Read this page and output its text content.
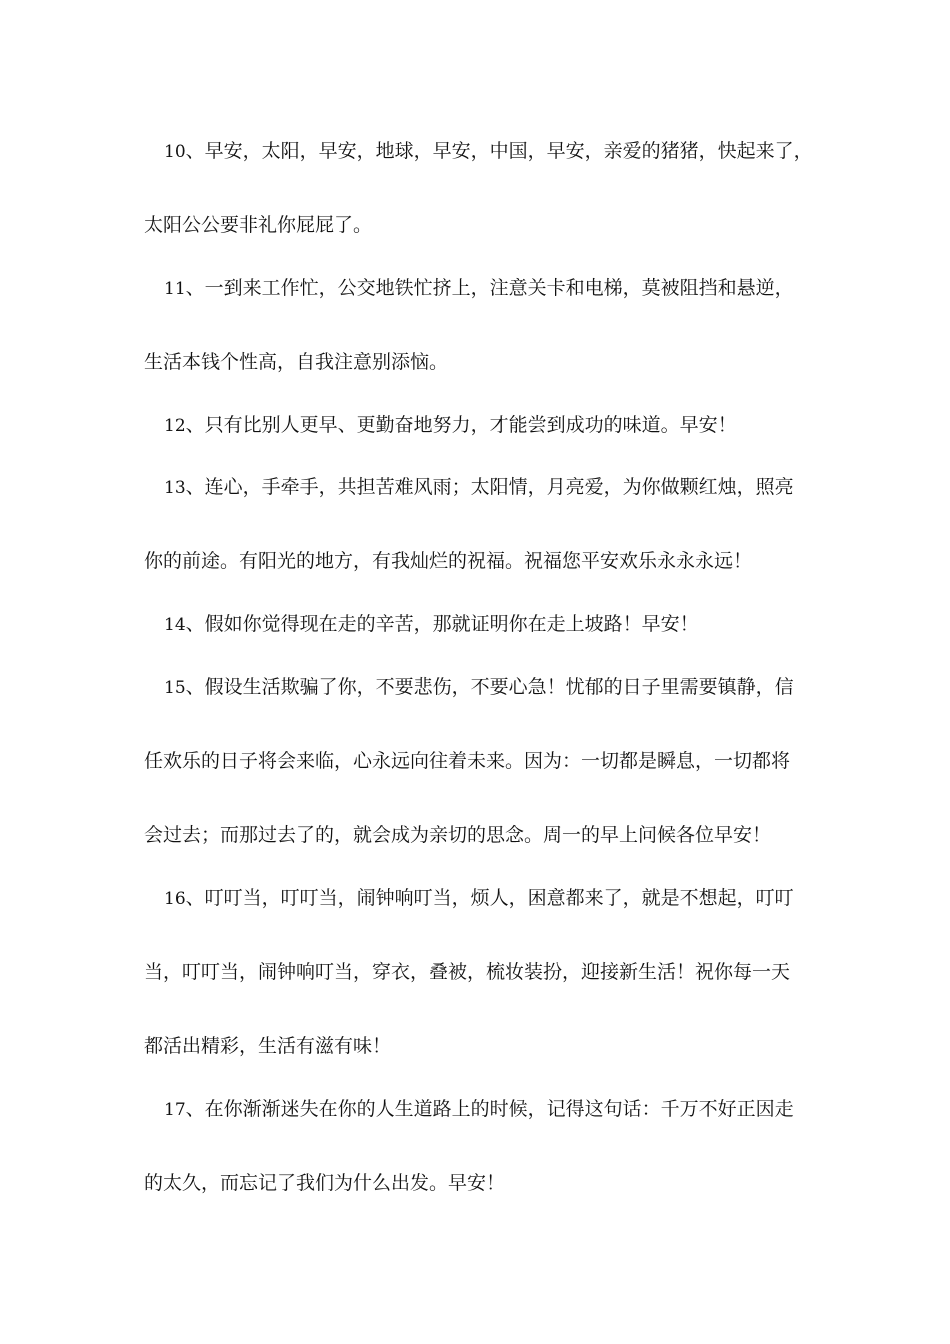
10、早安，太阳，早安，地球，早安，中国，早安，亲爱的猪猪，快起来了，
太阳公公要非礼你屁屁了。
11、一到来工作忙，公交地铁忙挤上，注意关卡和电梯，莫被阻挡和悬逆，
生活本钱个性高，自我注意别添恼。
12、只有比别人更早、更勤奋地努力，才能尝到成功的味道。早安！
13、连心，手牵手，共担苦难风雨；太阳情，月亮爱，为你做颗红烛，照亮
你的前途。有阳光的地方，有我灿烂的祝福。祝福您平安欢乐永永永远！
14、假如你觉得现在走的辛苦，那就证明你在走上坡路！早安！
15、假设生活欺骗了你，不要悲伤，不要心急！忧郁的日子里需要镇静，信
任欢乐的日子将会来临，心永远向往着未来。因为：一切都是瞬息，一切都将
会过去；而那过去了的，就会成为亲切的思念。周一的早上问候各位早安！
16、叮叮当，叮叮当，闹钟响叮当，烦人，困意都来了，就是不想起，叮叮
当，叮叮当，闹钟响叮当，穿衣，叠被，梳妆装扮，迎接新生活！祝你每一天
都活出精彩，生活有滋有味！
17、在你渐渐迷失在你的人生道路上的时候，记得这句话：千万不好正因走
的太久，而忘记了我们为什么出发。早安！
